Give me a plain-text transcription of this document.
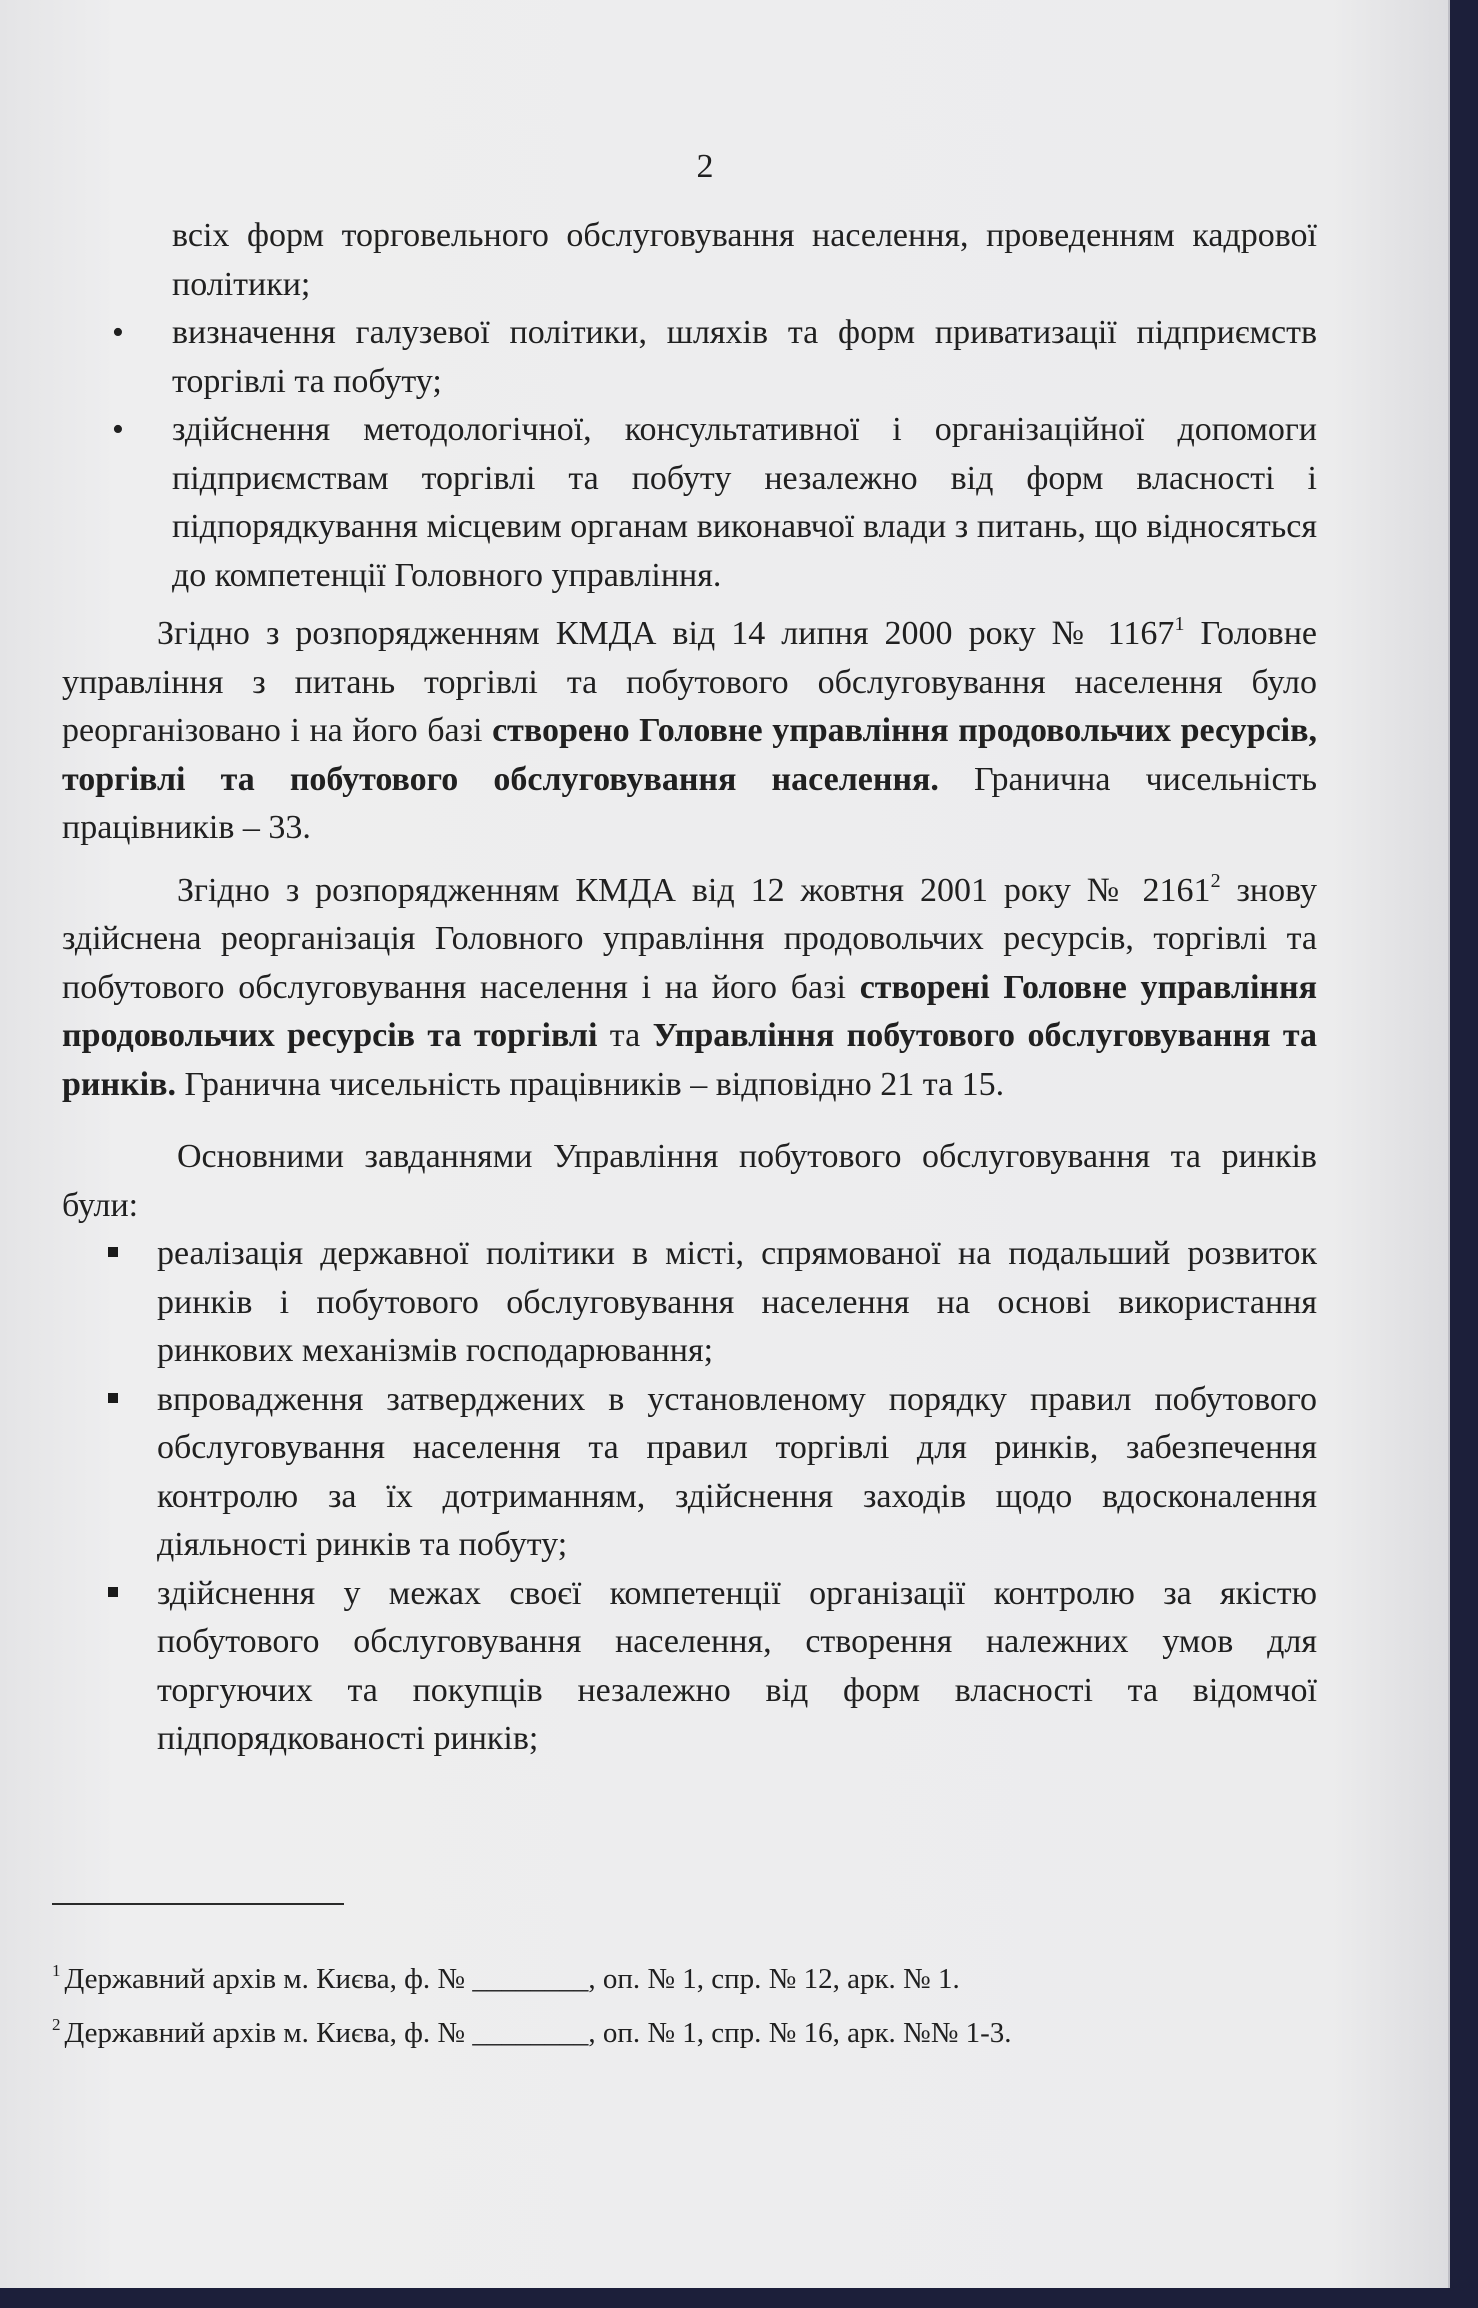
2

всіх форм торговельного обслуговування населення, проведенням кадрової політики;

• визначення галузевої політики, шляхів та форм приватизації підприємств торгівлі та побуту;
• здійснення методологічної, консультативної і організаційної допомоги підприємствам торгівлі та побуту незалежно від форм власності і підпорядкування місцевим органам виконавчої влади з питань, що відносяться до компетенції Головного управління.

Згідно з розпорядженням КМДА від 14 липня 2000 року № 1167$^1$ Головне управління з питань торгівлі та побутового обслуговування населення було реорганізовано і на його базі створено Головне управління продовольчих ресурсів, торгівлі та побутового обслуговування населення. Гранична чисельність працівників – 33.

Згідно з розпорядженням КМДА від 12 жовтня 2001 року № 2161$^2$ знову здійснена реорганізація Головного управління продовольчих ресурсів, торгівлі та побутового обслуговування населення і на його базі створені Головне управління продовольчих ресурсів та торгівлі та Управління побутового обслуговування та ринків. Гранична чисельність працівників – відповідно 21 та 15.

Основними завданнями Управління побутового обслуговування та ринків були:

реалізація державної політики в місті, спрямованої на подальший розвиток ринків і побутового обслуговування населення на основі використання ринкових механізмів господарювання;
впровадження затверджених в установленому порядку правил побутового обслуговування населення та правил торгівлі для ринків, забезпечення контролю за їх дотриманням, здійснення заходів щодо вдосконалення діяльності ринків та побуту;
здійснення у межах своєї компетенції організації контролю за якістю побутового обслуговування населення, створення належних умов для торгуючих та покупців незалежно від форм власності та відомчої підпорядкованості ринків;
$^1$ Державний архів м. Києва, ф. № ________, оп. № 1, спр. № 12, арк. № 1.
$^2$ Державний архів м. Києва, ф. № ________, оп. № 1, спр. № 16, арк. №№ 1-3.
